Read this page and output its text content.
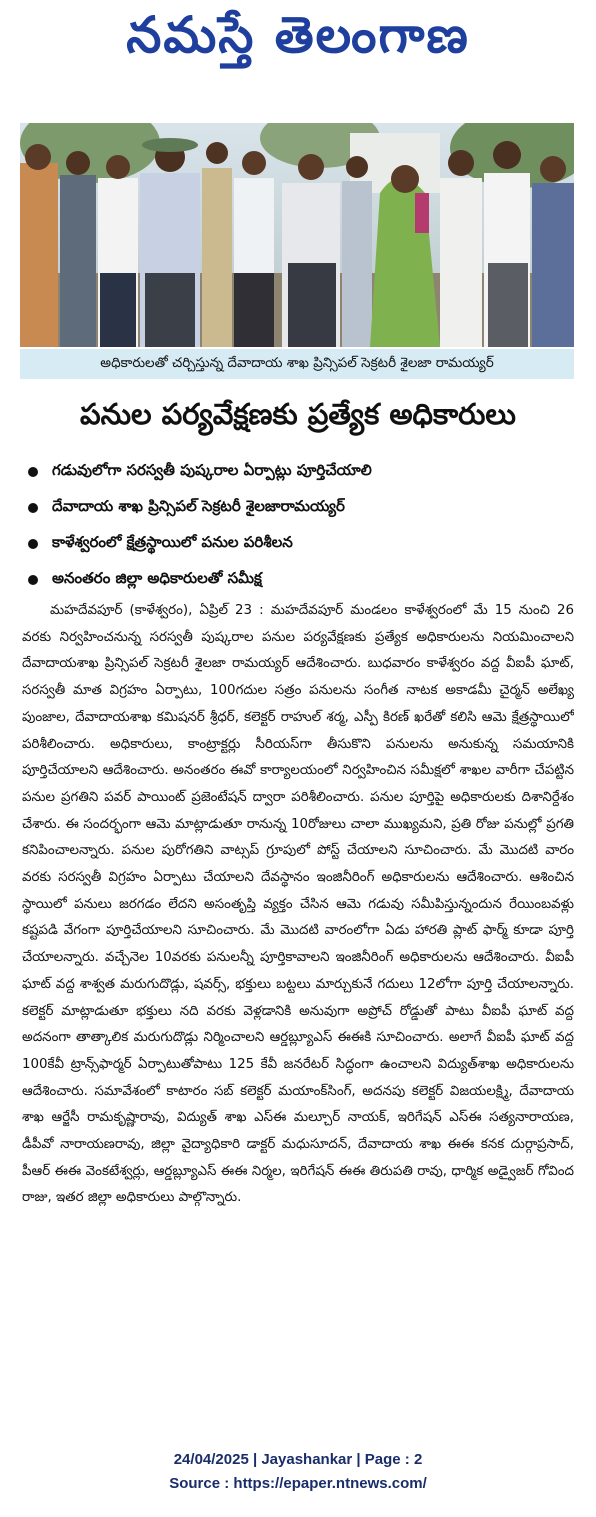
నమస్తే తెలంగాణ
అధికారులతో చర్చిస్తున్న దేవాదాయ శాఖ ప్రిన్సిపల్ సెక్రటరీ శైలజా రామయ్యర్
పనుల పర్యవేక్షణకు ప్రత్యేక అధికారులు
గడువులోగా సరస్వతీ పుష్కరాల ఏర్పాట్లు పూర్తిచేయాలి
దేవాదాయ శాఖ ప్రిన్సిపల్ సెక్రటరీ శైలజారామయ్యర్
కాళేశ్వరంలో క్షేత్రస్థాయిలో పనుల పరిశీలన
అనంతరం జిల్లా అధికారులతో సమీక్ష
మహదేవపూర్ (కాళేశ్వరం), ఏప్రిల్ 23 : మహదేవపూర్ మండలం కాళేశ్వరంలో మే 15 నుంచి 26 వరకు నిర్వహించనున్న సరస్వతీ పుష్కరాల పనుల పర్యవేక్షణకు ప్రత్యేక అధికారులను నియమించాలని దేవాదాయశాఖ ప్రిన్సిపల్ సెక్రటరీ శైలజా రామయ్యర్ ఆదేశించారు. బుధవారం కాళేశ్వరం వద్ద వీఐపీ ఘాట్, సరస్వతీ మాత విగ్రహం ఏర్పాటు, 100గదుల సత్రం పనులను సంగీత నాటక అకాడమీ చైర్మన్ అలేఖ్య పుంజాల, దేవాదాయశాఖ కమిషనర్ శ్రీధర్, కలెక్టర్ రాహుల్ శర్మ, ఎస్పీ కిరణ్ ఖరేతో కలిసి ఆమె క్షేత్రస్థాయిలో పరిశీలించారు. అధికారులు, కాంట్రాక్టర్లు సీరియస్‌గా తీసుకొని పనులను అనుకున్న సమయానికి పూర్తిచేయాలని ఆదేశించారు. అనంతరం ఈవో కార్యాలయంలో నిర్వహించిన సమీక్షలో శాఖల వారీగా చేపట్టిన పనుల ప్రగతిని పవర్ పాయింట్ ప్రజెంటేషన్ ద్వారా పరిశీలించారు. పనుల పూర్తిపై అధికారులకు దిశానిర్దేశం చేశారు. ఈ సందర్భంగా ఆమె మాట్లాడుతూ రానున్న 10రోజులు చాలా ముఖ్యమని, ప్రతి రోజు పనుల్లో ప్రగతి కనిపించాలన్నారు. పనుల పురోగతిని వాట్సప్ గ్రూపులో పోస్ట్ చేయాలని సూచించారు. మే మొదటి వారం వరకు సరస్వతీ విగ్రహం ఏర్పాటు చేయాలని దేవస్థానం ఇంజినీరింగ్ అధికారులను ఆదేశించారు. ఆశించిన స్థాయిలో పనులు జరగడం లేదని అసంతృప్తి వ్యక్తం చేసిన ఆమె గడువు సమీపిస్తున్నందున రేయింబవళ్లు కష్టపడి వేగంగా పూర్తిచేయాలని సూచించారు. మే మొదటి వారంలోగా ఏడు హారతి ప్లాట్ ఫార్మ్ కూడా పూర్తి చేయాలన్నారు. వచ్చేనెల 10వరకు పనులన్నీ పూర్తికావాలని ఇంజినీరింగ్ అధికారులను ఆదేశించారు. వీఐపీ ఘాట్ వద్ద శాశ్వత మరుగుదొడ్లు, షవర్స్, భక్తులు బట్టలు మార్చుకునే గదులు 12లోగా పూర్తి చేయాలన్నారు. కలెక్టర్ మాట్లాడుతూ భక్తులు నది వరకు వెళ్లడానికి అనువుగా అప్రోచ్ రోడ్డుతో పాటు వీఐపీ ఘాట్ వద్ద అదనంగా తాత్కాలిక మరుగుదొడ్లు నిర్మించాలని ఆర్డబ్ల్యూఎస్ ఈఈకి సూచించారు. అలాగే వీఐపీ ఘాట్ వద్ద 100కేవీ ట్రాన్స్‌ఫార్మర్ ఏర్పాటుతోపాటు 125 కేవీ జనరేటర్ సిద్ధంగా ఉంచాలని విద్యుత్‌శాఖ అధికారులను ఆదేశించారు. సమావేశంలో కాటారం సబ్ కలెక్టర్ మయాంక్‌సింగ్, అదనపు కలెక్టర్ విజయలక్ష్మి, దేవాదాయ శాఖ ఆర్జేసీ రామకృష్ణారావు, విద్యుత్ శాఖ ఎస్‌ఈ మల్చూర్ నాయక్, ఇరిగేషన్ ఎస్‌ఈ సత్యనారాయణ, డీపీవో నారాయణరావు, జిల్లా వైద్యాధికారి డాక్టర్ మధుసూదన్, దేవాదాయ శాఖ ఈఈ కనక దుర్గాప్రసాద్, పీఆర్ ఈఈ వెంకటేశ్వర్లు, ఆర్డబ్ల్యూఎస్ ఈఈ నిర్మల, ఇరిగేషన్ ఈఈ తిరుపతి రావు, ధార్మిక అడ్వైజర్ గోవింద రాజు, ఇతర జిల్లా అధికారులు పాల్గొన్నారు.
24/04/2025 | Jayashankar | Page : 2
Source : https://epaper.ntnews.com/
